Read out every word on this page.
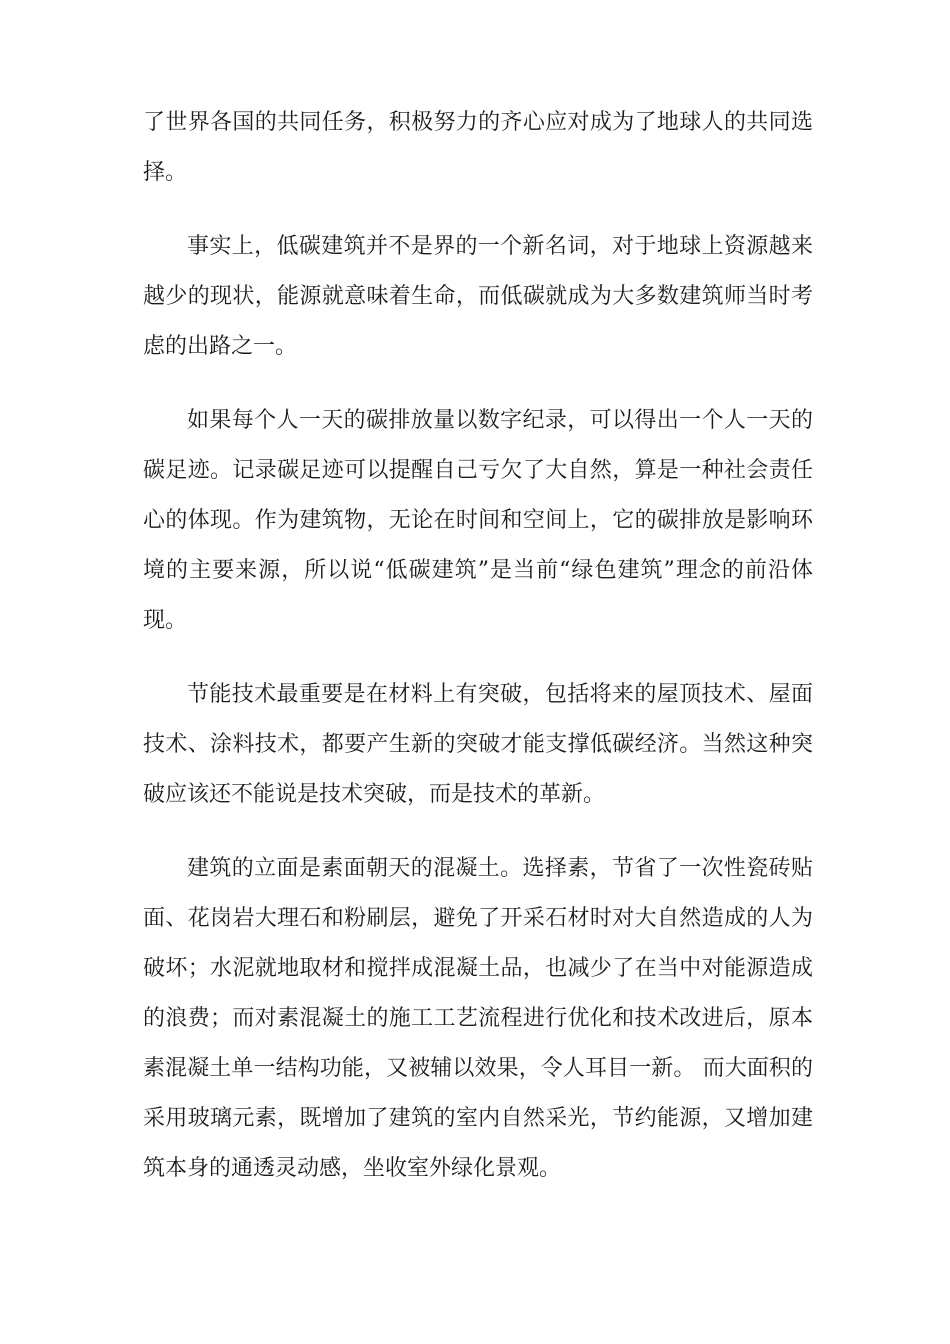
了世界各国的共同任务，积极努力的齐心应对成为了地球人的共同选择。

事实上，低碳建筑并不是界的一个新名词，对于地球上资源越来越少的现状，能源就意味着生命，而低碳就成为大多数建筑师当时考虑的出路之一。

如果每个人一天的碳排放量以数字纪录，可以得出一个人一天的碳足迹。记录碳足迹可以提醒自己亏欠了大自然，算是一种社会责任心的体现。作为建筑物，无论在时间和空间上，它的碳排放是影响环境的主要来源，所以说“低碳建筑”是当前“绿色建筑”理念的前沿体现。

节能技术最重要是在材料上有突破，包括将来的屋顶技术、屋面技术、涂料技术，都要产生新的突破才能支撑低碳经济。当然这种突破应该还不能说是技术突破，而是技术的革新。

建筑的立面是素面朝天的混凝土。选择素，节省了一次性瓷砖贴面、花岗岩大理石和粉刷层，避免了开采石材时对大自然造成的人为破坏；水泥就地取材和搅拌成混凝土品，也减少了在当中对能源造成的浪费；而对素混凝土的施工工艺流程进行优化和技术改进后，原本素混凝土单一结构功能，又被辅以效果，令人耳目一新。 而大面积的采用玻璃元素，既增加了建筑的室内自然采光，节约能源，又增加建筑本身的通透灵动感，坐收室外绿化景观。
